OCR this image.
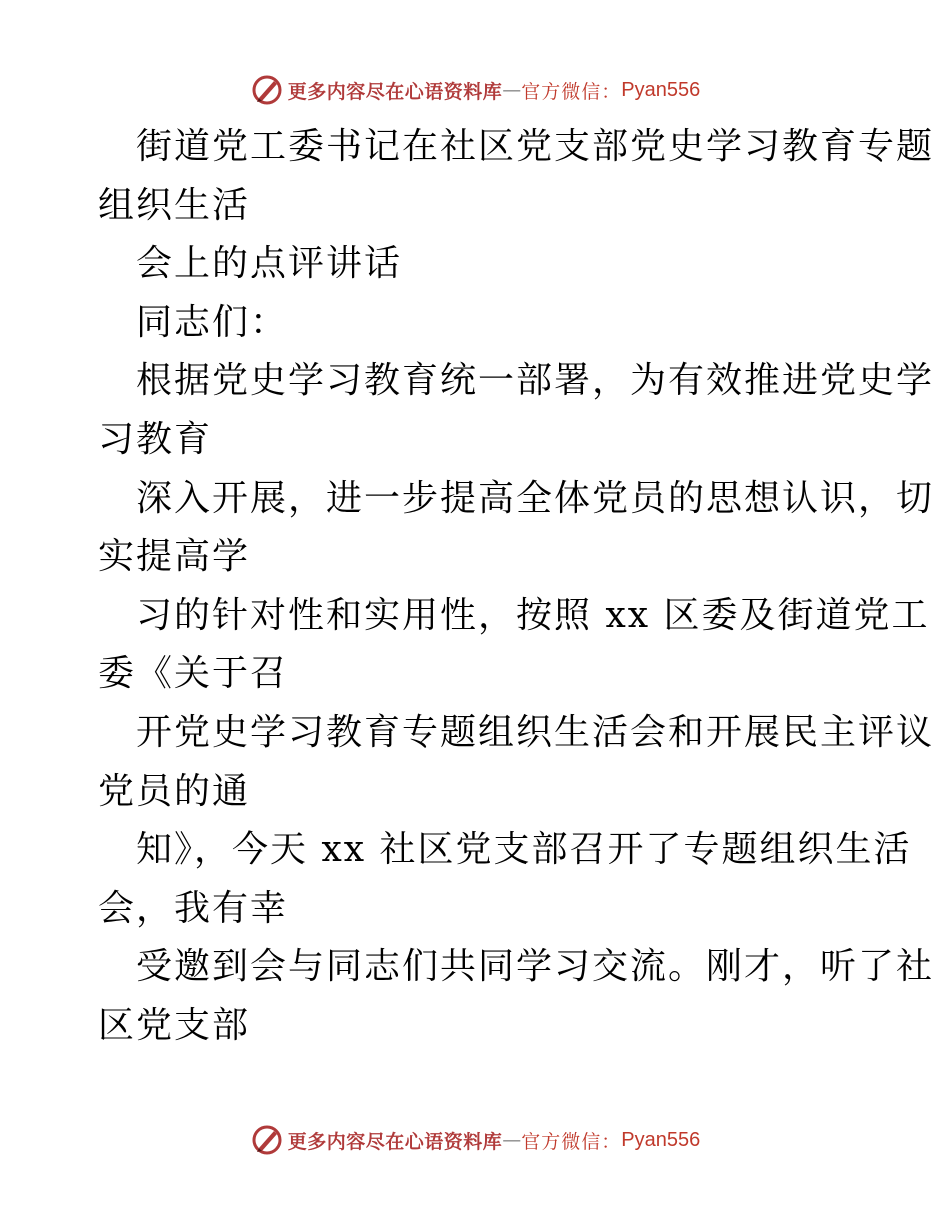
更多内容尽在心语资料库 — 官方微信： Pyan556
街道党工委书记在社区党支部党史学习教育专题
组织生活
会上的点评讲话
同志们：
根据党史学习教育统一部署，为有效推进党史学
习教育
深入开展，进一步提高全体党员的思想认识，切
实提高学
习的针对性和实用性，按照 xx 区委及街道党工
委《关于召
开党史学习教育专题组织生活会和开展民主评议
党员的通
知》，今天 xx 社区党支部召开了专题组织生活
会，我有幸
受邀到会与同志们共同学习交流。刚才，听了社
区党支部
更多内容尽在心语资料库 — 官方微信： Pyan556
